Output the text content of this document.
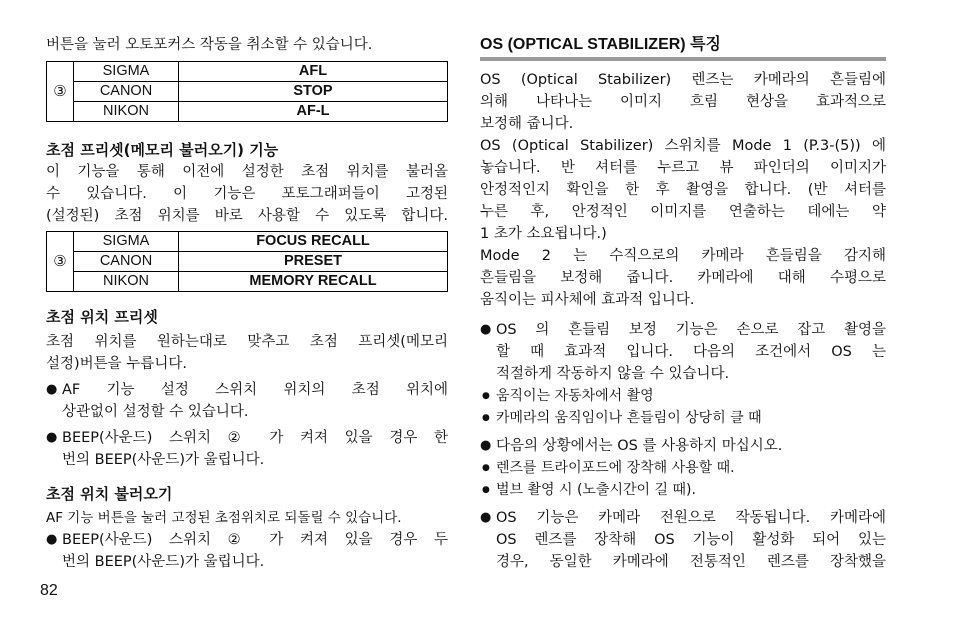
버튼을 눌러 오토포커스 작동을 취소할 수 있습니다.

③	SIGMA	AFL
	CANON	STOP
	NIKON	AF-L
초점 프리셋(메모리 불러오기) 기능

이 기능을 통해 이전에 설정한 초점 위치를 불러올

수 있습니다. 이 기능은 포토그래퍼들이 고정된

(설정된) 초점 위치를 바로 사용할 수 있도록 합니다.

③	SIGMA	FOCUS RECALL
	CANON	PRESET
	NIKON	MEMORY RECALL
초점 위치 프리셋

초점 위치를 원하는대로 맞추고 초점 프리셋(메모리

설정)버튼을 누릅니다.

● AF 기능 설정 스위치 위치의 초점 위치에

상관없이 설정할 수 있습니다.

● BEEP(사운드) 스위치 ② 가 켜져 있을 경우 한

번의 BEEP(사운드)가 울립니다.

초점 위치 불러오기

AF 기능 버튼을 눌러 고정된 초점위치로 되돌릴 수 있습니다.

● BEEP(사운드) 스위치 ② 가 켜져 있을 경우 두

번의 BEEP(사운드)가 울립니다.

OS (OPTICAL STABILIZER) 특징

OS (Optical Stabilizer) 렌즈는 카메라의 흔들림에

의해 나타나는 이미지 흐림 현상을 효과적으로

보정해 줍니다.

OS (Optical Stabilizer) 스위치를 Mode 1 (P.3-(5)) 에

놓습니다. 반 셔터를 누르고 뷰 파인더의 이미지가

안정적인지 확인을 한 후 촬영을 합니다. (반 셔터를

누른 후, 안정적인 이미지를 연출하는 데에는 약

1 초가 소요됩니다.)

Mode 2 는 수직으로의 카메라 흔들림을 감지해

흔들림을 보정해 줍니다. 카메라에 대해 수평으로

움직이는 피사체에 효과적 입니다.

● OS 의 흔들림 보정 기능은 손으로 잡고 촬영을

할 때 효과적 입니다. 다음의 조건에서 OS 는

적절하게 작동하지 않을 수 있습니다.

● 움직이는 자동차에서 촬영

● 카메라의 움직임이나 흔들림이 상당히 클 때

● 다음의 상황에서는 OS 를 사용하지 마십시오.

● 렌즈를 트라이포드에 장착해 사용할 때.

● 벌브 촬영 시 (노출시간이 길 때).

● OS 기능은 카메라 전원으로 작동됩니다. 카메라에

OS 렌즈를 장착해 OS 기능이 활성화 되어 있는

경우, 동일한 카메라에 전통적인 렌즈를 장착했을

82
